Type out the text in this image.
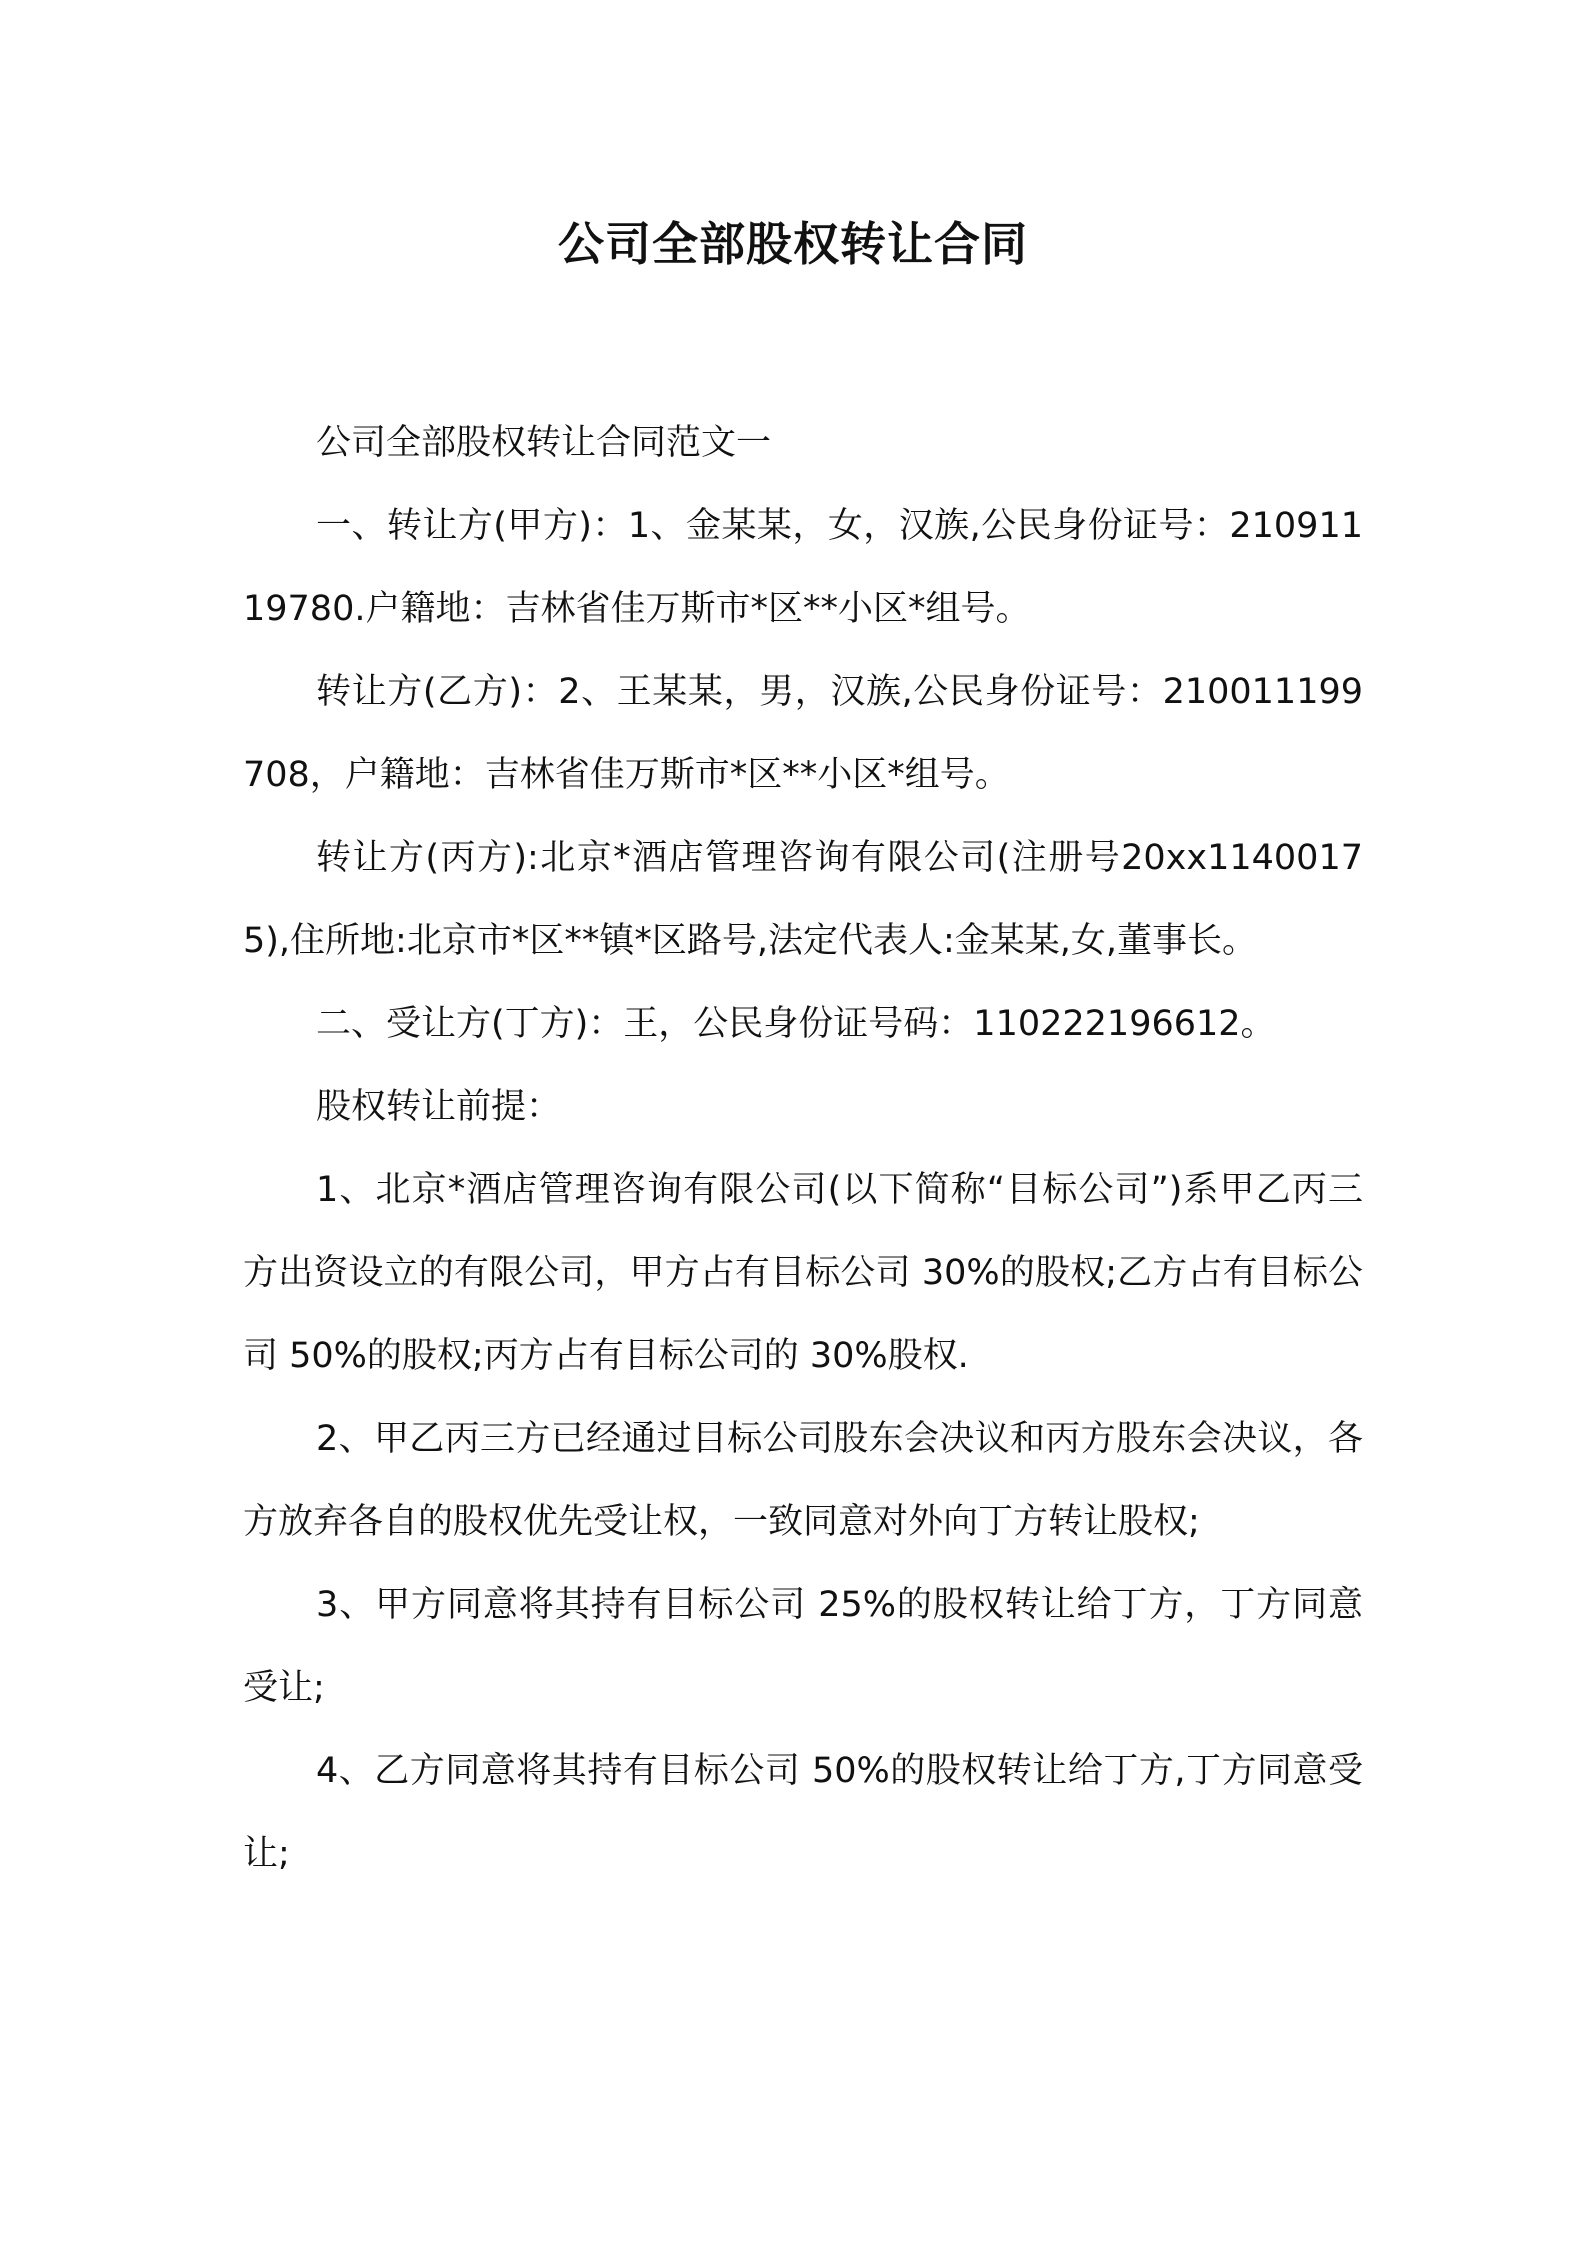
公司全部股权转让合同

公司全部股权转让合同范文一

一、转让方(甲方)：1、金某某，女，汉族,公民身份证号：21091119780.户籍地：吉林省佳万斯市*区**小区*组号。

转让方(乙方)：2、王某某，男，汉族,公民身份证号：210011199708，户籍地：吉林省佳万斯市*区**小区*组号。

转让方(丙方):北京*酒店管理咨询有限公司(注册号20xx11400175),住所地:北京市*区**镇*区路号,法定代表人:金某某,女,董事长。

二、受让方(丁方)：王，公民身份证号码：110222196612。

股权转让前提：

1、北京*酒店管理咨询有限公司(以下简称“目标公司”)系甲乙丙三方出资设立的有限公司，甲方占有目标公司 30%的股权;乙方占有目标公司 50%的股权;丙方占有目标公司的 30%股权.

2、甲乙丙三方已经通过目标公司股东会决议和丙方股东会决议，各方放弃各自的股权优先受让权，一致同意对外向丁方转让股权;

3、甲方同意将其持有目标公司 25%的股权转让给丁方，丁方同意受让;

4、乙方同意将其持有目标公司 50%的股权转让给丁方,丁方同意受让;
